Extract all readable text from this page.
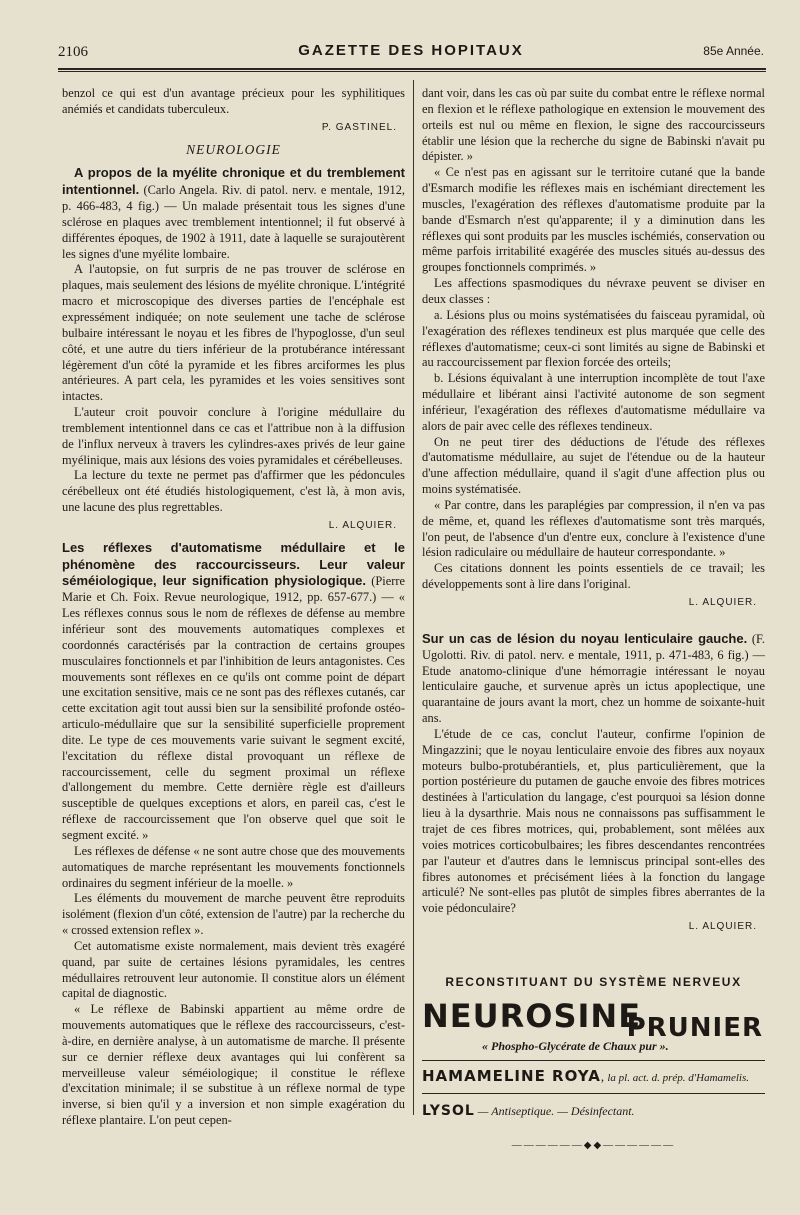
2106	GAZETTE DES HOPITAUX	85e Année.

benzol ce qui est d'un avantage précieux pour les syphilitiques anémiés et candidats tuberculeux.

P. GASTINEL.
NEUROLOGIE

A propos de la myélite chronique et du tremblement intentionnel. (Carlo Angela. Riv. di patol. nerv. e mentale, 1912, p. 466-483, 4 fig.) — Un malade présentait tous les signes d'une sclérose en plaques avec tremblement intentionnel; il fut observé à différentes époques, de 1902 à 1911, date à laquelle se surajoutèrent les signes d'une myélite lombaire.

A l'autopsie, on fut surpris de ne pas trouver de sclérose en plaques, mais seulement des lésions de myélite chronique. L'intégrité macro et microscopique des diverses parties de l'encéphale est expressément indiquée; on note seulement une tache de sclérose bulbaire intéressant le noyau et les fibres de l'hypoglosse, d'un seul côté, et une autre du tiers inférieur de la protubérance intéressant légèrement d'un côté la pyramide et les fibres arciformes les plus antérieures. A part cela, les pyramides et les voies sensitives sont intactes.

L'auteur croit pouvoir conclure à l'origine médullaire du tremblement intentionnel dans ce cas et l'attribue non à la diffusion de l'influx nerveux à travers les cylindres-axes privés de leur gaine myélinique, mais aux lésions des voies pyramidales et cérébelleuses.

La lecture du texte ne permet pas d'affirmer que les pédoncules cérébelleux ont été étudiés histologiquement, c'est là, à mon avis, une lacune des plus regrettables.

L. ALQUIER.

Les réflexes d'automatisme médullaire et le phénomène des raccourcisseurs. Leur valeur séméiologique, leur signification physiologique. (Pierre Marie et Ch. Foix. Revue neurologique, 1912, pp. 657-677.) — « Les réflexes connus sous le nom de réflexes de défense au membre inférieur sont des mouvements automatiques complexes et coordonnés caractérisés par la contraction de certains groupes musculaires fonctionnels et par l'inhibition de leurs antagonistes. Ces mouvements sont réflexes en ce qu'ils ont comme point de départ une excitation sensitive, mais ce ne sont pas des réflexes cutanés, car cette excitation agit tout aussi bien sur la sensibilité profonde ostéo-articulo-médullaire que sur la sensibilité superficielle proprement dite. Le type de ces mouvements varie suivant le segment excité, l'excitation du réflexe distal provoquant un réflexe de raccourcissement, celle du segment proximal un réflexe d'allongement du membre. Cette dernière règle est d'ailleurs susceptible de quelques exceptions et alors, en pareil cas, c'est le réflexe de raccourcissement que l'on observe quel que soit le segment excité. »

Les réflexes de défense « ne sont autre chose que des mouvements automatiques de marche représentant les mouvements fonctionnels ordinaires du segment inférieur de la moelle. »

Les éléments du mouvement de marche peuvent être reproduits isolément (flexion d'un côté, extension de l'autre) par la recherche du « crossed extension reflex ».

Cet automatisme existe normalement, mais devient très exagéré quand, par suite de certaines lésions pyramidales, les centres médullaires retrouvent leur autonomie. Il constitue alors un élément capital de diagnostic.

« Le réflexe de Babinski appartient au même ordre de mouvements automatiques que le réflexe des raccourcisseurs, c'est-à-dire, en dernière analyse, à un automatisme de marche. Il présente sur ce dernier réflexe deux avantages qui lui confèrent sa merveilleuse valeur séméiologique; il constitue le réflexe d'excitation minimale; il se substitue à un réflexe normal de type inverse, si bien qu'il y a inversion et non simple exagération du réflexe plantaire. L'on peut cepen-

dant voir, dans les cas où par suite du combat entre le réflexe normal en flexion et le réflexe pathologique en extension le mouvement des orteils est nul ou même en flexion, le signe des raccourcisseurs établir une lésion que la recherche du signe de Babinski n'avait pu dépister. »

« Ce n'est pas en agissant sur le territoire cutané que la bande d'Esmarch modifie les réflexes mais en ischémiant directement les muscles, l'exagération des réflexes d'automatisme produite par la bande d'Esmarch n'est qu'apparente; il y a diminution dans les réflexes qui sont produits par les muscles ischémiés, conservation ou même parfois irritabilité exagérée des muscles situés au-dessus des groupes fonctionnels comprimés. »

Les affections spasmodiques du névraxe peuvent se diviser en deux classes :

a. Lésions plus ou moins systématisées du faisceau pyramidal, où l'exagération des réflexes tendineux est plus marquée que celle des réflexes d'automatisme; ceux-ci sont limités au signe de Babinski et au raccourcissement par flexion forcée des orteils;

b. Lésions équivalant à une interruption incomplète de tout l'axe médullaire et libérant ainsi l'activité autonome de son segment inférieur, l'exagération des réflexes d'automatisme médullaire va alors de pair avec celle des réflexes tendineux.

On ne peut tirer des déductions de l'étude des réflexes d'automatisme médullaire, au sujet de l'étendue ou de la hauteur d'une affection médullaire, quand il s'agit d'une affection plus ou moins systématisée.

« Par contre, dans les paraplégies par compression, il n'en va pas de même, et, quand les réflexes d'automatisme sont très marqués, l'on peut, de l'absence d'un d'entre eux, conclure à l'existence d'une lésion radiculaire ou médullaire de hauteur correspondante. »

Ces citations donnent les points essentiels de ce travail; les développements sont à lire dans l'original.

L. ALQUIER.

Sur un cas de lésion du noyau lenticulaire gauche. (F. Ugolotti. Riv. di patol. nerv. e mentale, 1911, p. 471-483, 6 fig.) — Etude anatomo-clinique d'une hémorragie intéressant le noyau lenticulaire gauche, et survenue après un ictus apoplectique, une quarantaine de jours avant la mort, chez un homme de soixante-huit ans.

L'étude de ce cas, conclut l'auteur, confirme l'opinion de Mingazzini; que le noyau lenticulaire envoie des fibres aux noyaux moteurs bulbo-protubérantiels, et, plus particulièrement, que la portion postérieure du putamen de gauche envoie des fibres motrices destinées à l'articulation du langage, c'est pourquoi sa lésion donne lieu à la dysarthrie. Mais nous ne connaissons pas suffisamment le trajet de ces fibres motrices, qui, probablement, sont mêlées aux voies motrices corticobulbaires; les fibres descendantes rencontrées par l'auteur et d'autres dans le lemniscus principal sont-elles des fibres autonomes et précisément liées à la fonction du langage articulé? Ne sont-elles pas plutôt de simples fibres aberrantes de la voie pédonculaire?

L. ALQUIER.
RECONSTITUANT DU SYSTÈME NERVEUX
NEUROSINE
PRUNIER
« Phospho-Glycérate de Chaux pur ».
HAMAMELINE ROYA, la pl. act. d. prép. d'Hamamelis.
LYSOL — Antiseptique. — Désinfectant.
——————◆◆——————
